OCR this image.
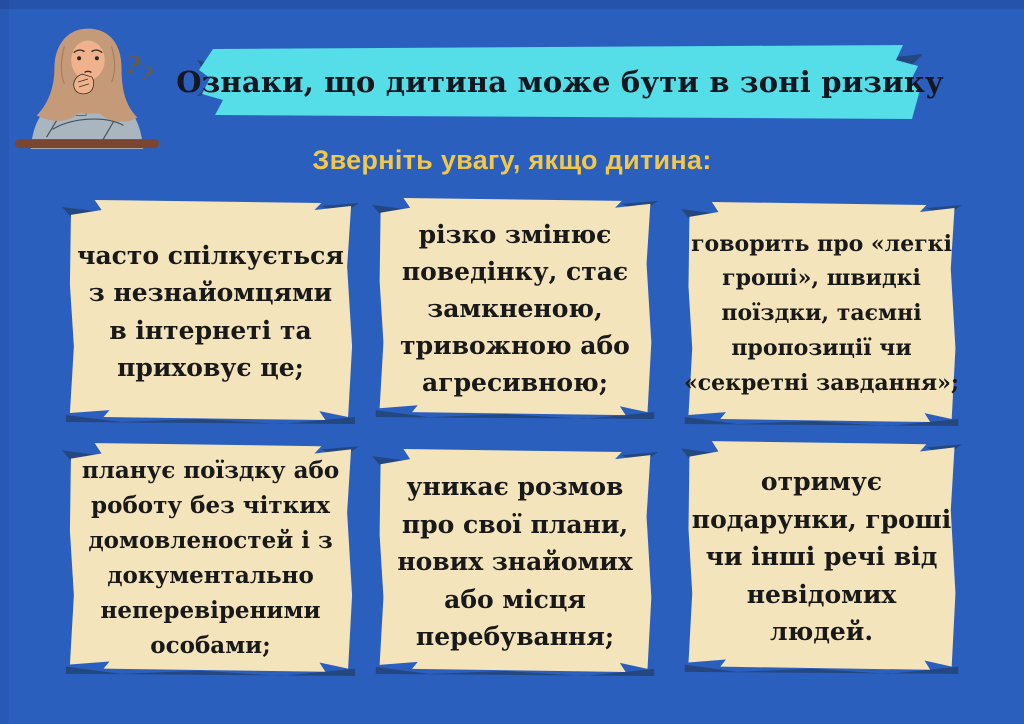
?
? Ознаки, що дитина може бути в зоні ризику
Зверніть увагу, якщо дитина:
часто спілкується
з незнайомцями
в інтернеті та
приховує це;
різко змінює
поведінку, стає
замкненою,
тривожною або
агресивною;
говорить про «легкі
гроші», швидкі
поїздки, таємні
пропозиції чи
«секретні завдання»;
планує поїздку або
роботу без чітких
домовленостей і з
документально
неперевіреними
особами;
уникає розмов
про свої плани,
нових знайомих
або місця
перебування;
отримує
подарунки, гроші
чи інші речі від
невідомих
людей.
